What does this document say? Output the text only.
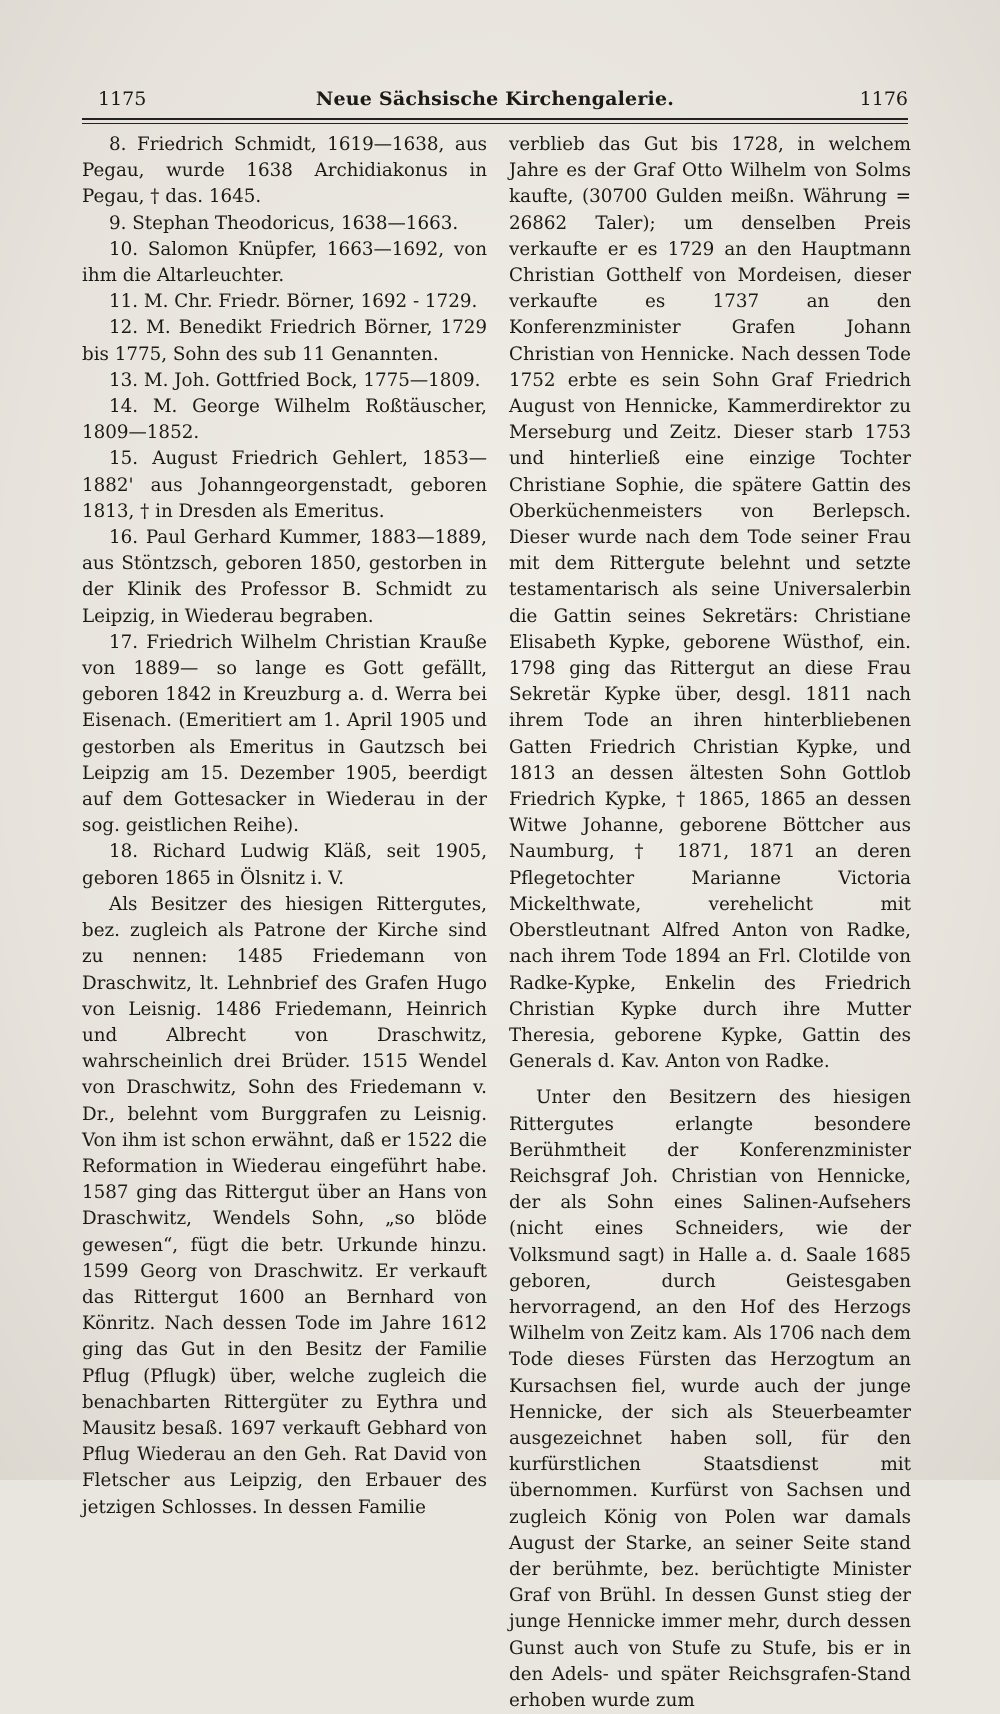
1175	Neue Sächsische Kirchengalerie.	1176

8. Friedrich Schmidt, 1619—1638, aus Pegau, wurde 1638 Archidiakonus in Pegau, † das. 1645.

9. Stephan Theodoricus, 1638—1663.

10. Salomon Knüpfer, 1663—1692, von ihm die Altarleuchter.

11. M. Chr. Friedr. Börner, 1692 - 1729.

12. M. Benedikt Friedrich Börner, 1729 bis 1775, Sohn des sub 11 Genannten.

13. M. Joh. Gottfried Bock, 1775—1809.

14. M. George Wilhelm Roßtäuscher, 1809—1852.

15. August Friedrich Gehlert, 1853—1882' aus Johanngeorgenstadt, geboren 1813, † in Dresden als Emeritus.

16. Paul Gerhard Kummer, 1883—1889, aus Stöntzsch, geboren 1850, gestorben in der Klinik des Professor B. Schmidt zu Leipzig, in Wiederau begraben.

17. Friedrich Wilhelm Christian Krauße von 1889— so lange es Gott gefällt, geboren 1842 in Kreuzburg a. d. Werra bei Eisenach. (Emeritiert am 1. April 1905 und gestorben als Emeritus in Gautzsch bei Leipzig am 15. Dezember 1905, beerdigt auf dem Gottesacker in Wiederau in der sog. geistlichen Reihe).

18. Richard Ludwig Kläß, seit 1905, geboren 1865 in Ölsnitz i. V.

Als Besitzer des hiesigen Rittergutes, bez. zugleich als Patrone der Kirche sind zu nennen: 1485 Friedemann von Draschwitz, lt. Lehnbrief des Grafen Hugo von Leisnig. 1486 Friedemann, Heinrich und Albrecht von Draschwitz, wahrscheinlich drei Brüder. 1515 Wendel von Draschwitz, Sohn des Friedemann v. Dr., belehnt vom Burggrafen zu Leisnig. Von ihm ist schon erwähnt, daß er 1522 die Reformation in Wiederau eingeführt habe. 1587 ging das Rittergut über an Hans von Draschwitz, Wendels Sohn, „so blöde gewesen“, fügt die betr. Urkunde hinzu. 1599 Georg von Draschwitz. Er verkauft das Rittergut 1600 an Bernhard von Könritz. Nach dessen Tode im Jahre 1612 ging das Gut in den Besitz der Familie Pflug (Pflugk) über, welche zugleich die benachbarten Rittergüter zu Eythra und Mausitz besaß. 1697 verkauft Gebhard von Pflug Wiederau an den Geh. Rat David von Fletscher aus Leipzig, den Erbauer des jetzigen Schlosses. In dessen Familie

verblieb das Gut bis 1728, in welchem Jahre es der Graf Otto Wilhelm von Solms kaufte, (30700 Gulden meißn. Währung = 26862 Taler); um denselben Preis verkaufte er es 1729 an den Hauptmann Christian Gotthelf von Mordeisen, dieser verkaufte es 1737 an den Konferenzminister Grafen Johann Christian von Hennicke. Nach dessen Tode 1752 erbte es sein Sohn Graf Friedrich August von Hennicke, Kammerdirektor zu Merseburg und Zeitz. Dieser starb 1753 und hinterließ eine einzige Tochter Christiane Sophie, die spätere Gattin des Oberküchenmeisters von Berlepsch. Dieser wurde nach dem Tode seiner Frau mit dem Rittergute belehnt und setzte testamentarisch als seine Universalerbin die Gattin seines Sekretärs: Christiane Elisabeth Kypke, geborene Wüsthof, ein. 1798 ging das Rittergut an diese Frau Sekretär Kypke über, desgl. 1811 nach ihrem Tode an ihren hinterbliebenen Gatten Friedrich Christian Kypke, und 1813 an dessen ältesten Sohn Gottlob Friedrich Kypke, † 1865, 1865 an dessen Witwe Johanne, geborene Böttcher aus Naumburg, † 1871, 1871 an deren Pflegetochter Marianne Victoria Mickelthwate, verehelicht mit Oberstleutnant Alfred Anton von Radke, nach ihrem Tode 1894 an Frl. Clotilde von Radke-Kypke, Enkelin des Friedrich Christian Kypke durch ihre Mutter Theresia, geborene Kypke, Gattin des Generals d. Kav. Anton von Radke.

Unter den Besitzern des hiesigen Rittergutes erlangte besondere Berühmtheit der Konferenzminister Reichsgraf Joh. Christian von Hennicke, der als Sohn eines Salinen-Aufsehers (nicht eines Schneiders, wie der Volksmund sagt) in Halle a. d. Saale 1685 geboren, durch Geistesgaben hervorragend, an den Hof des Herzogs Wilhelm von Zeitz kam. Als 1706 nach dem Tode dieses Fürsten das Herzogtum an Kursachsen fiel, wurde auch der junge Hennicke, der sich als Steuerbeamter ausgezeichnet haben soll, für den kurfürstlichen Staatsdienst mit übernommen. Kurfürst von Sachsen und zugleich König von Polen war damals August der Starke, an seiner Seite stand der berühmte, bez. berüchtigte Minister Graf von Brühl. In dessen Gunst stieg der junge Hennicke immer mehr, durch dessen Gunst auch von Stufe zu Stufe, bis er in den Adels- und später Reichsgrafen-Stand erhoben wurde zum
